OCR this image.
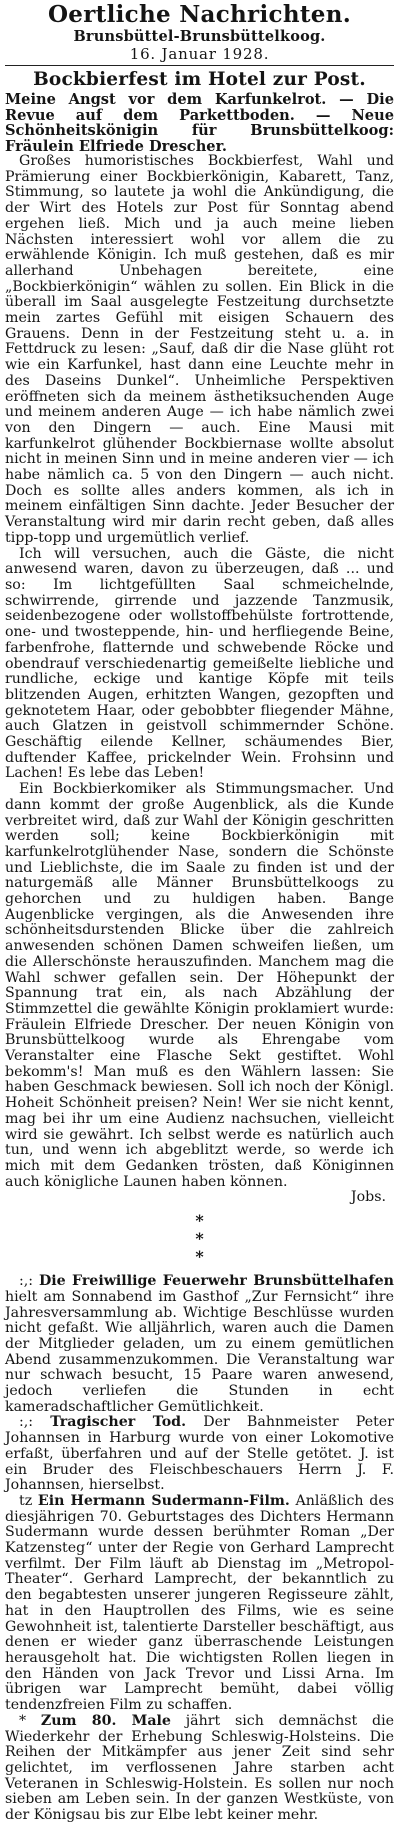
Oertliche Nachrichten.
Brunsbüttel-Brunsbüttelkoog.
16. Januar 1928.
Bockbierfest im Hotel zur Post.
Meine Angst vor dem Karfunkelrot. — Die Revue auf dem Parkettboden. — Neue Schönheitskönigin für Brunsbüttelkoog: Fräulein Elfriede Drescher.

Großes humoristisches Bockbierfest, Wahl und Prämierung einer Bockbierkönigin, Kabarett, Tanz, Stimmung, so lautete ja wohl die Ankündigung, die der Wirt des Hotels zur Post für Sonntag abend ergehen ließ. Mich und ja auch meine lieben Nächsten interessiert wohl vor allem die zu erwählende Königin. Ich muß gestehen, daß es mir allerhand Unbehagen bereitete, eine „Bockbierkönigin“ wählen zu sollen. Ein Blick in die überall im Saal ausgelegte Festzeitung durchsetzte mein zartes Gefühl mit eisigen Schauern des Grauens. Denn in der Festzeitung steht u. a. in Fettdruck zu lesen: „Sauf, daß dir die Nase glüht rot wie ein Karfunkel, hast dann eine Leuchte mehr in des Daseins Dunkel“. Unheimliche Perspektiven eröffneten sich da meinem ästhetiksuchenden Auge und meinem anderen Auge — ich habe nämlich zwei von den Dingern — auch. Eine Mausi mit karfunkelrot glühender Bockbiernase wollte absolut nicht in meinen Sinn und in meine anderen vier — ich habe nämlich ca. 5 von den Dingern — auch nicht. Doch es sollte alles anders kommen, als ich in meinem einfältigen Sinn dachte. Jeder Besucher der Veranstaltung wird mir darin recht geben, daß alles tipp-topp und urgemütlich verlief.

Ich will versuchen, auch die Gäste, die nicht anwesend waren, davon zu überzeugen, daß ... und so: Im lichtgefüllten Saal schmeichelnde, schwirrende, girrende und jazzende Tanzmusik, seidenbezogene oder wollstoffbehülste fortrottende, one- und twosteppende, hin- und herfliegende Beine, farbenfrohe, flatternde und schwebende Röcke und obendrauf verschiedenartig gemeißelte liebliche und rundliche, eckige und kantige Köpfe mit teils blitzenden Augen, erhitzten Wangen, gezopften und geknotetem Haar, oder gebobbter fliegender Mähne, auch Glatzen in geistvoll schimmernder Schöne. Geschäftig eilende Kellner, schäumendes Bier, duftender Kaffee, prickelnder Wein. Frohsinn und Lachen! Es lebe das Leben!

Ein Bockbierkomiker als Stimmungsmacher. Und dann kommt der große Augenblick, als die Kunde verbreitet wird, daß zur Wahl der Königin geschritten werden soll; keine Bockbierkönigin mit karfunkelrotglühender Nase, sondern die Schönste und Lieblichste, die im Saale zu finden ist und der naturgemäß alle Männer Brunsbüttelkoogs zu gehorchen und zu huldigen haben. Bange Augenblicke vergingen, als die Anwesenden ihre schönheitsdurstenden Blicke über die zahlreich anwesenden schönen Damen schweifen ließen, um die Allerschönste herauszufinden. Manchem mag die Wahl schwer gefallen sein. Der Höhepunkt der Spannung trat ein, als nach Abzählung der Stimmzettel die gewählte Königin proklamiert wurde: Fräulein Elfriede Drescher. Der neuen Königin von Brunsbüttelkoog wurde als Ehrengabe vom Veranstalter eine Flasche Sekt gestiftet. Wohl bekomm's! Man muß es den Wählern lassen: Sie haben Geschmack bewiesen. Soll ich noch der Königl. Hoheit Schönheit preisen? Nein! Wer sie nicht kennt, mag bei ihr um eine Audienz nachsuchen, vielleicht wird sie gewährt. Ich selbst werde es natürlich auch tun, und wenn ich abgeblitzt werde, so werde ich mich mit dem Gedanken trösten, daß Königinnen auch königliche Launen haben können.

Jobs.
* * *

:,: Die Freiwillige Feuerwehr Brunsbüttelhafen hielt am Sonnabend im Gasthof „Zur Fernsicht“ ihre Jahresversammlung ab. Wichtige Beschlüsse wurden nicht gefaßt. Wie alljährlich, waren auch die Damen der Mitglieder geladen, um zu einem gemütlichen Abend zusammenzukommen. Die Veranstaltung war nur schwach besucht, 15 Paare waren anwesend, jedoch verliefen die Stunden in echt kameradschaftlicher Gemütlichkeit.

:,: Tragischer Tod. Der Bahnmeister Peter Johannsen in Harburg wurde von einer Lokomotive erfaßt, überfahren und auf der Stelle getötet. J. ist ein Bruder des Fleischbeschauers Herrn J. F. Johannsen, hierselbst.

tz Ein Hermann Sudermann-Film. Anläßlich des diesjährigen 70. Geburtstages des Dichters Hermann Sudermann wurde dessen berühmter Roman „Der Katzensteg“ unter der Regie von Gerhard Lamprecht verfilmt. Der Film läuft ab Dienstag im „Metropol-Theater“. Gerhard Lamprecht, der bekanntlich zu den begabtesten unserer jungeren Regisseure zählt, hat in den Hauptrollen des Films, wie es seine Gewohnheit ist, talentierte Darsteller beschäftigt, aus denen er wieder ganz überraschende Leistungen herausgeholt hat. Die wichtigsten Rollen liegen in den Händen von Jack Trevor und Lissi Arna. Im übrigen war Lamprecht bemüht, dabei völlig tendenzfreien Film zu schaffen.

* Zum 80. Male jährt sich demnächst die Wiederkehr der Erhebung Schleswig-Holsteins. Die Reihen der Mitkämpfer aus jener Zeit sind sehr gelichtet, im verflossenen Jahre starben acht Veteranen in Schleswig-Holstein. Es sollen nur noch sieben am Leben sein. In der ganzen Westküste, von der Königsau bis zur Elbe lebt keiner mehr.
